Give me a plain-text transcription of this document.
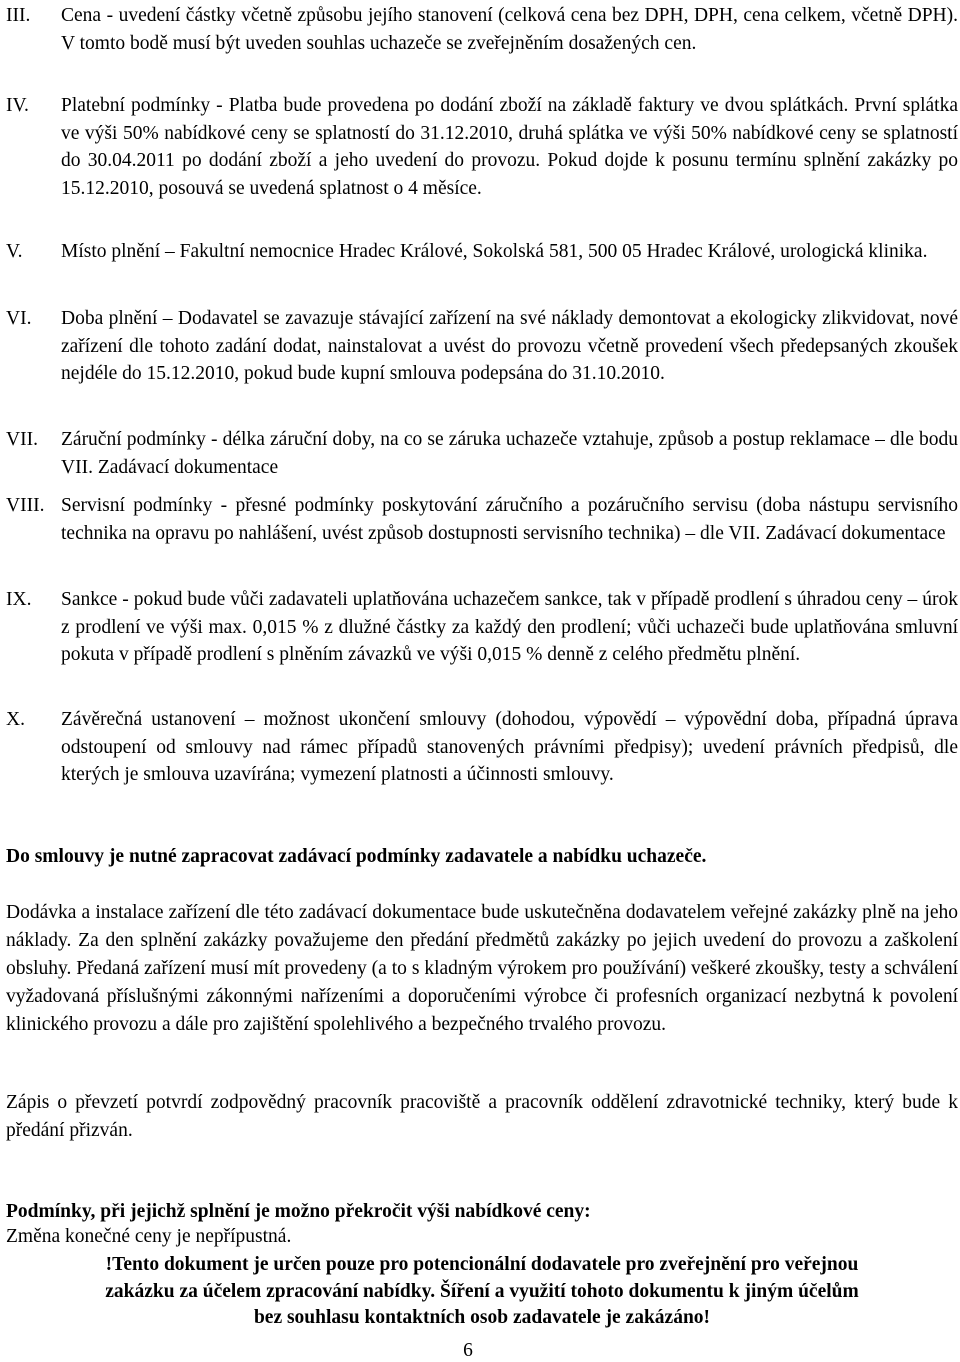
III.	Cena - uvedení částky včetně způsobu jejího stanovení (celková cena bez DPH, DPH, cena celkem, včetně DPH). V tomto bodě musí být uveden souhlas uchazeče se zveřejněním dosažených cen.
IV.	Platební podmínky - Platba bude provedena po dodání zboží na základě faktury ve dvou splátkách. První splátka ve výši 50% nabídkové ceny se splatností do 31.12.2010, druhá splátka ve výši 50% nabídkové ceny se splatností do 30.04.2011 po dodání zboží a jeho uvedení do provozu. Pokud dojde k posunu termínu splnění zakázky po 15.12.2010, posouvá se uvedená splatnost o 4 měsíce.
V.	Místo plnění – Fakultní nemocnice Hradec Králové, Sokolská 581, 500 05 Hradec Králové, urologická klinika.
VI.	Doba plnění – Dodavatel se zavazuje stávající zařízení na své náklady demontovat a ekologicky zlikvidovat, nové zařízení dle tohoto zadání dodat, nainstalovat a uvést do provozu včetně provedení všech předepsaných zkoušek nejdéle do 15.12.2010, pokud bude kupní smlouva podepsána do 31.10.2010.
VII.	Záruční podmínky - délka záruční doby, na co se záruka uchazeče vztahuje, způsob a postup reklamace – dle bodu VII. Zadávací dokumentace
VIII. Servisní podmínky - přesné podmínky poskytování záručního a pozáručního servisu (doba nástupu servisního technika na opravu po nahlášení, uvést způsob dostupnosti servisního technika) – dle VII. Zadávací dokumentace
IX.	Sankce - pokud bude vůči zadavateli uplatňována uchazečem sankce, tak v případě prodlení s úhradou ceny – úrok z prodlení ve výši max. 0,015 % z dlužné částky za každý den prodlení; vůči uchazeči bude uplatňována smluvní pokuta v případě prodlení s plněním závazků ve výši 0,015 % denně z celého předmětu plnění.
X.	Závěrečná ustanovení – možnost ukončení smlouvy (dohodou, výpovědí – výpovědní doba, případná úprava odstoupení od smlouvy nad rámec případů stanovených právními předpisy); uvedení právních předpisů, dle kterých je smlouva uzavírána; vymezení platnosti a účinnosti smlouvy.
Do smlouvy je nutné zapracovat zadávací podmínky zadavatele a nabídku uchazeče.
Dodávka a instalace zařízení dle této zadávací dokumentace bude uskutečněna dodavatelem veřejné zakázky plně na jeho náklady. Za den splnění zakázky považujeme den předání předmětů zakázky po jejich uvedení do provozu a zaškolení obsluhy. Předaná zařízení musí mít provedeny (a to s kladným výrokem pro používání) veškeré zkoušky, testy a schválení vyžadovaná příslušnými zákonnými nařízeními a doporučeními výrobce či profesních organizací nezbytná k povolení klinického provozu a dále pro zajištění spolehlivého a bezpečného trvalého provozu.
Zápis o převzetí potvrdí zodpovědný pracovník pracoviště a pracovník oddělení zdravotnické techniky, který bude k předání přizván.
Podmínky, při jejichž splnění je možno překročit výši nabídkové ceny:
Změna konečné ceny je nepřípustná.
!Tento dokument je určen pouze pro potencionální dodavatele pro zveřejnění pro veřejnou
zakázku za účelem zpracování nabídky. Šíření a využití tohoto dokumentu k jiným účelům
bez souhlasu kontaktních osob zadavatele je zakázáno!
6
